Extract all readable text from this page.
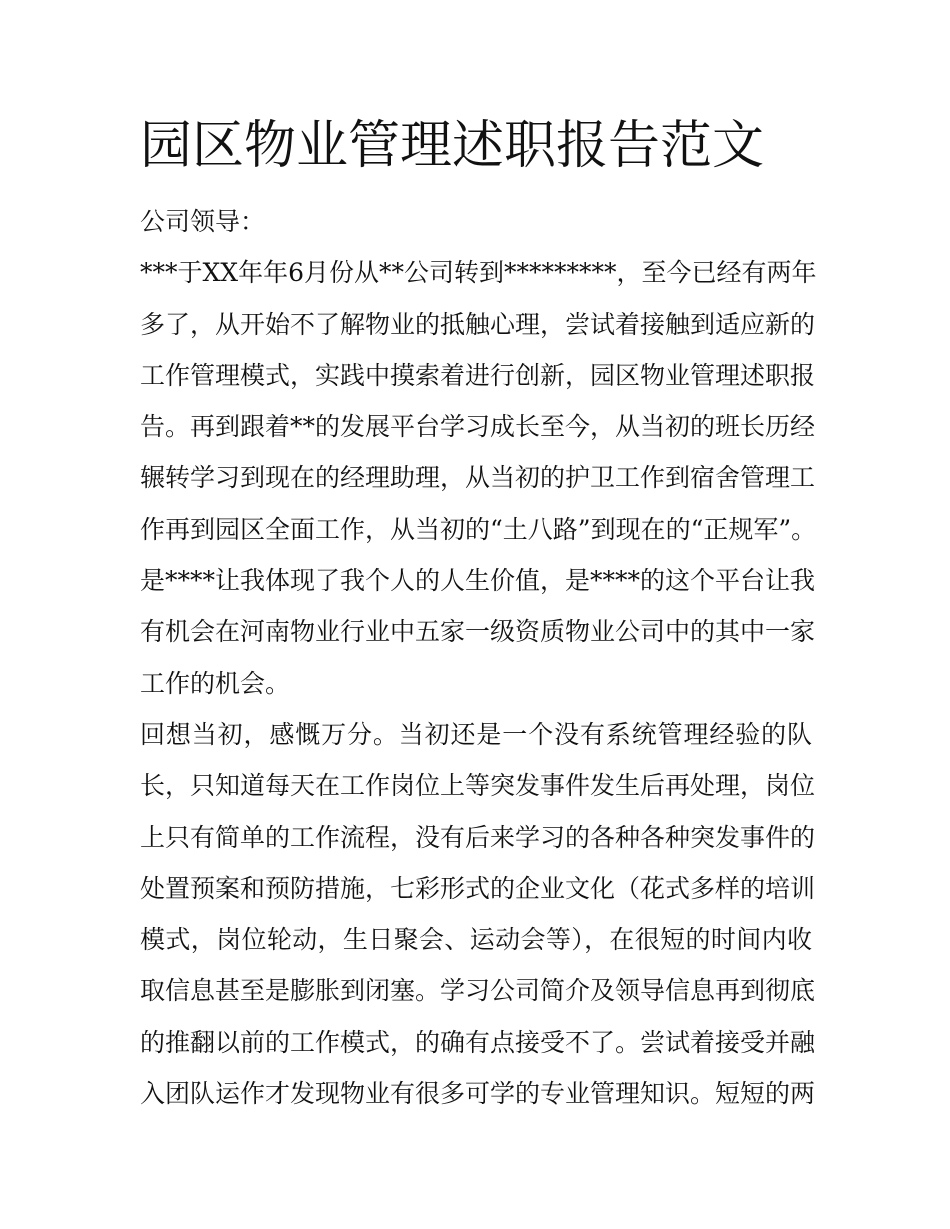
园区物业管理述职报告范文
公司领导：
***于XX年年6月份从**公司转到*********，至今已经有两年
多了，从开始不了解物业的抵触心理，尝试着接触到适应新的
工作管理模式，实践中摸索着进行创新，园区物业管理述职报
告。再到跟着**的发展平台学习成长至今，从当初的班长历经
辗转学习到现在的经理助理，从当初的护卫工作到宿舍管理工
作再到园区全面工作，从当初的“土八路”到现在的“正规军”。
是****让我体现了我个人的人生价值，是****的这个平台让我
有机会在河南物业行业中五家一级资质物业公司中的其中一家
工作的机会。
回想当初，感慨万分。当初还是一个没有系统管理经验的队
长，只知道每天在工作岗位上等突发事件发生后再处理，岗位
上只有简单的工作流程，没有后来学习的各种各种突发事件的
处置预案和预防措施，七彩形式的企业文化（花式多样的培训
模式，岗位轮动，生日聚会、运动会等），在很短的时间内收
取信息甚至是膨胀到闭塞。学习公司简介及领导信息再到彻底
的推翻以前的工作模式，的确有点接受不了。尝试着接受并融
入团队运作才发现物业有很多可学的专业管理知识。短短的两
